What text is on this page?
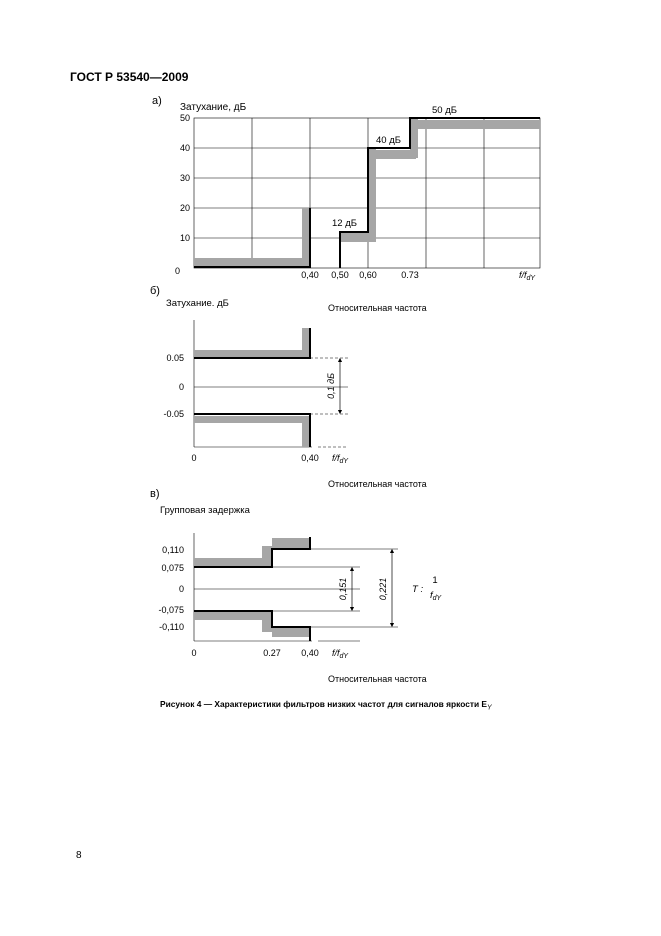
ГОСТ Р 53540—2009
а)
Затухание, дБ
50
40
30
20
10
0	0,40 0,50 0,60	0.73	$f/f_{dY}$
50 дБ
40 дБ
12 дБ
б)
Относительная частота
Затухание. дБ
0,1 дБ
0.05
0
-0.05
0	0,40 $f/f_{dY}$
Относительная частота
в)
Групповая задержка
0,151	0,221	T :
1
$f_{dY}$
0,110
0,075
0
-0,075
-0,110
0	0.27 0,40 $f/f_{dY}$
Относительная частота
Рисунок 4 — Характеристики фильтров низких частот для сигналов яркости $E_Y$
8
